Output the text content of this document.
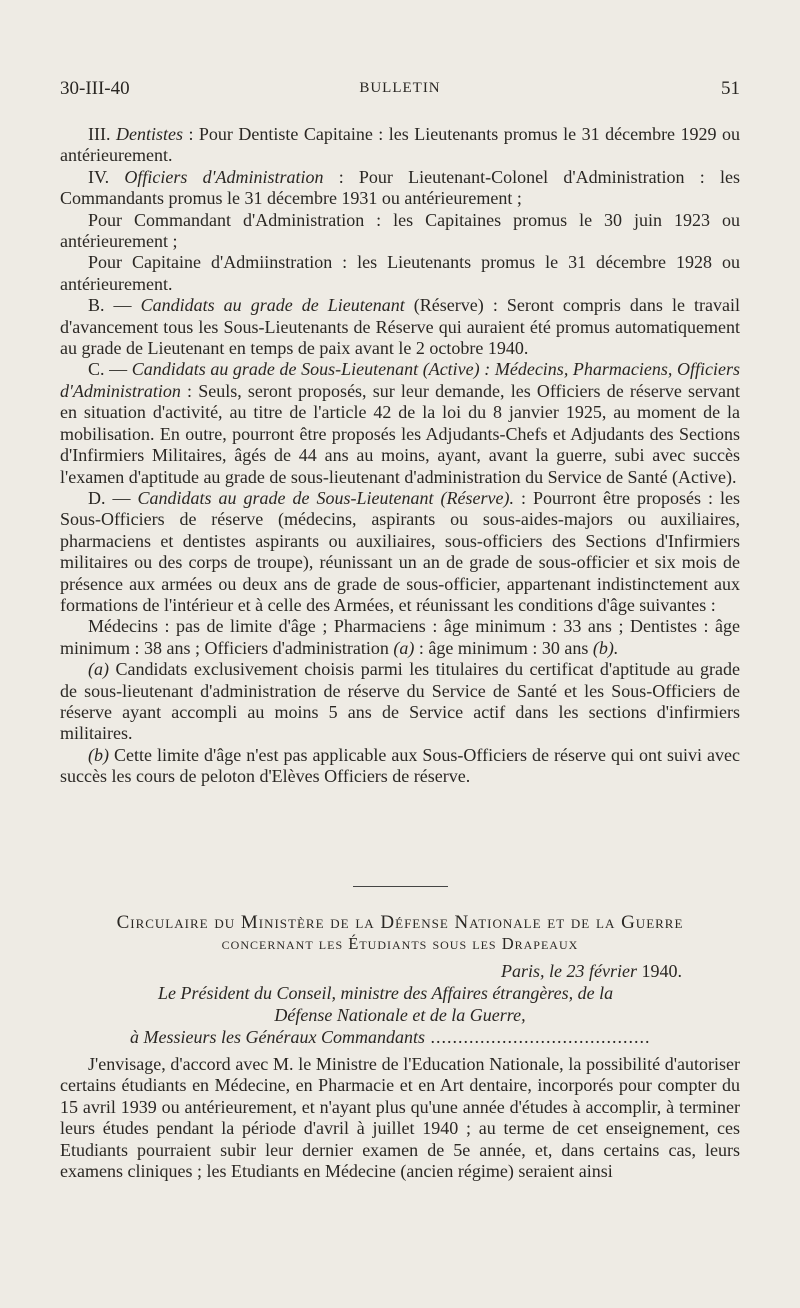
30-III-40	BULLETIN	51

III. Dentistes : Pour Dentiste Capitaine : les Lieutenants promus le 31 décembre 1929 ou antérieurement.

IV. Officiers d'Administration : Pour Lieutenant-Colonel d'Administration : les Commandants promus le 31 décembre 1931 ou antérieurement ;

Pour Commandant d'Administration : les Capitaines promus le 30 juin 1923 ou antérieurement ;

Pour Capitaine d'Admiinstration : les Lieutenants promus le 31 décembre 1928 ou antérieurement.

B. — Candidats au grade de Lieutenant (Réserve) : Seront compris dans le travail d'avancement tous les Sous-Lieutenants de Réserve qui auraient été promus automatiquement au grade de Lieutenant en temps de paix avant le 2 octobre 1940.

C. — Candidats au grade de Sous-Lieutenant (Active) : Médecins, Pharmaciens, Officiers d'Administration : Seuls, seront proposés, sur leur demande, les Officiers de réserve servant en situation d'activité, au titre de l'article 42 de la loi du 8 janvier 1925, au moment de la mobilisation. En outre, pourront être proposés les Adjudants-Chefs et Adjudants des Sections d'Infirmiers Militaires, âgés de 44 ans au moins, ayant, avant la guerre, subi avec succès l'examen d'aptitude au grade de sous-lieutenant d'administration du Service de Santé (Active).

D. — Candidats au grade de Sous-Lieutenant (Réserve). : Pourront être proposés : les Sous-Officiers de réserve (médecins, aspirants ou sous-aides-majors ou auxiliaires, pharmaciens et dentistes aspirants ou auxiliaires, sous-officiers des Sections d'Infirmiers militaires ou des corps de troupe), réunissant un an de grade de sous-officier et six mois de présence aux armées ou deux ans de grade de sous-officier, appartenant indistinctement aux formations de l'intérieur et à celle des Armées, et réunissant les conditions d'âge suivantes :

Médecins : pas de limite d'âge ; Pharmaciens : âge minimum : 33 ans ; Dentistes : âge minimum : 38 ans ; Officiers d'administration (a) : âge minimum : 30 ans (b).

(a) Candidats exclusivement choisis parmi les titulaires du certificat d'aptitude au grade de sous-lieutenant d'administration de réserve du Service de Santé et les Sous-Officiers de réserve ayant accompli au moins 5 ans de Service actif dans les sections d'infirmiers militaires.

(b) Cette limite d'âge n'est pas applicable aux Sous-Officiers de réserve qui ont suivi avec succès les cours de peloton d'Elèves Officiers de réserve.

Circulaire du Ministère de la Défense Nationale et de la Guerre
concernant les Étudiants sous les Drapeaux
Paris, le 23 février 1940.
Le Président du Conseil, ministre des Affaires étrangères, de la
Défense Nationale et de la Guerre,
à Messieurs les Généraux Commandants ........................................

J'envisage, d'accord avec M. le Ministre de l'Education Nationale, la possibilité d'autoriser certains étudiants en Médecine, en Pharmacie et en Art dentaire, incorporés pour compter du 15 avril 1939 ou antérieurement, et n'ayant plus qu'une année d'études à accomplir, à terminer leurs études pendant la période d'avril à juillet 1940 ; au terme de cet enseignement, ces Etudiants pourraient subir leur dernier examen de 5e année, et, dans certains cas, leurs examens cliniques ; les Etudiants en Médecine (ancien régime) seraient ainsi
